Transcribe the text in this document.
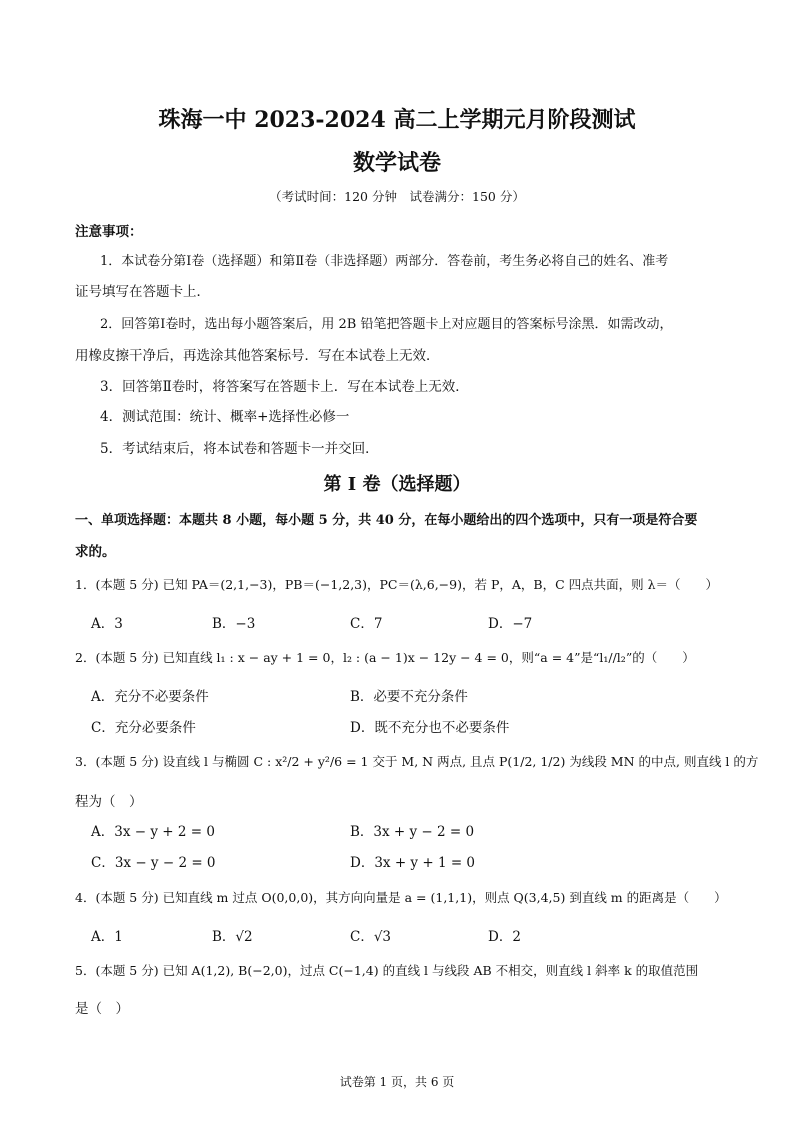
珠海一中 2023-2024 高二上学期元月阶段测试
数学试卷
（考试时间：120 分钟　试卷满分：150 分）
注意事项：
1．本试卷分第Ⅰ卷（选择题）和第Ⅱ卷（非选择题）两部分．答卷前，考生务必将自己的姓名、准考
证号填写在答题卡上．
2．回答第Ⅰ卷时，选出每小题答案后，用 2B 铅笔把答题卡上对应题目的答案标号涂黑．如需改动，
用橡皮擦干净后，再选涂其他答案标号．写在本试卷上无效．
3．回答第Ⅱ卷时，将答案写在答题卡上．写在本试卷上无效．
4．测试范围：统计、概率+选择性必修一
5．考试结束后，将本试卷和答题卡一并交回．
第 I 卷（选择题）
一、单项选择题：本题共 8 小题，每小题 5 分，共 40 分，在每小题给出的四个选项中，只有一项是符合要
求的。
1．(本题 5 分) 已知 PA＝(2,1,−3)，PB＝(−1,2,3)，PC＝(λ,6,−9)，若 P，A，B，C 四点共面，则 λ＝（　　）
A．3	B．−3	C．7	D．−7
2．(本题 5 分) 已知直线 l₁ : x − ay + 1 = 0，l₂ : (a − 1)x − 12y − 4 = 0，则“a = 4”是“l₁//l₂”的（　　）
A．充分不必要条件	B．必要不充分条件
C．充分必要条件	D．既不充分也不必要条件
3．(本题 5 分) 设直线 l 与椭圆 C : x²/2 + y²/6 = 1 交于 M, N 两点, 且点 P(1/2, 1/2) 为线段 MN 的中点, 则直线 l 的方
程为（　）
A．3x − y + 2 = 0	B．3x + y − 2 = 0
C．3x − y − 2 = 0	D．3x + y + 1 = 0
4．(本题 5 分) 已知直线 m 过点 O(0,0,0)，其方向向量是 a = (1,1,1)，则点 Q(3,4,5) 到直线 m 的距离是（　　）
A．1	B．√2	C．√3	D．2
5．(本题 5 分) 已知 A(1,2), B(−2,0)，过点 C(−1,4) 的直线 l 与线段 AB 不相交，则直线 l 斜率 k 的取值范围
是（　）
试卷第 1 页，共 6 页
